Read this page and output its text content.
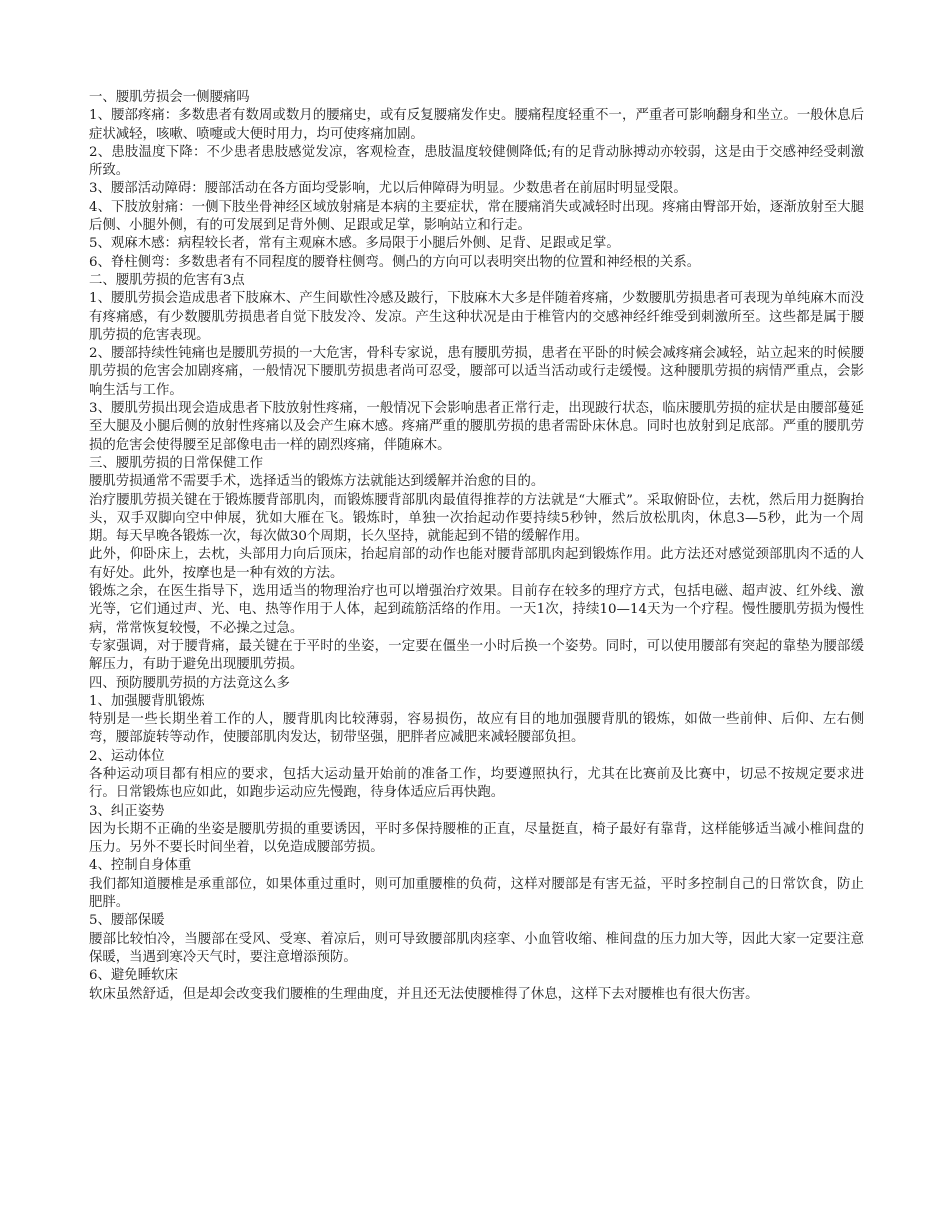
一、腰肌劳损会一侧腰痛吗

1、腰部疼痛：多数患者有数周或数月的腰痛史，或有反复腰痛发作史。腰痛程度轻重不一，严重者可影响翻身和坐立。一般休息后症状减轻，咳嗽、喷嚏或大便时用力，均可使疼痛加剧。

2、患肢温度下降：不少患者患肢感觉发凉，客观检查，患肢温度较健侧降低;有的足背动脉搏动亦较弱，这是由于交感神经受刺激所致。

3、腰部活动障碍：腰部活动在各方面均受影响，尤以后伸障碍为明显。少数患者在前屈时明显受限。

4、下肢放射痛：一侧下肢坐骨神经区域放射痛是本病的主要症状，常在腰痛消失或减轻时出现。疼痛由臀部开始，逐渐放射至大腿后侧、小腿外侧，有的可发展到足背外侧、足跟或足掌，影响站立和行走。

5、观麻木感：病程较长者，常有主观麻木感。多局限于小腿后外侧、足背、足跟或足掌。

6、脊柱侧弯：多数患者有不同程度的腰脊柱侧弯。侧凸的方向可以表明突出物的位置和神经根的关系。

二、腰肌劳损的危害有3点

1、腰肌劳损会造成患者下肢麻木、产生间歇性冷感及跛行，下肢麻木大多是伴随着疼痛，少数腰肌劳损患者可表现为单纯麻木而没有疼痛感，有少数腰肌劳损患者自觉下肢发冷、发凉。产生这种状况是由于椎管内的交感神经纤维受到刺激所至。这些都是属于腰肌劳损的危害表现。

2、腰部持续性钝痛也是腰肌劳损的一大危害，骨科专家说，患有腰肌劳损，患者在平卧的时候会减疼痛会减轻，站立起来的时候腰肌劳损的危害会加剧疼痛，一般情况下腰肌劳损患者尚可忍受，腰部可以适当活动或行走缓慢。这种腰肌劳损的病情严重点，会影响生活与工作。

3、腰肌劳损出现会造成患者下肢放射性疼痛，一般情况下会影响患者正常行走，出现跛行状态，临床腰肌劳损的症状是由腰部蔓延至大腿及小腿后侧的放射性疼痛以及会产生麻木感。疼痛严重的腰肌劳损的患者需卧床休息。同时也放射到足底部。严重的腰肌劳损的危害会使得腰至足部像电击一样的剧烈疼痛，伴随麻木。

三、腰肌劳损的日常保健工作

腰肌劳损通常不需要手术，选择适当的锻炼方法就能达到缓解并治愈的目的。

治疗腰肌劳损关键在于锻炼腰背部肌肉，而锻炼腰背部肌肉最值得推荐的方法就是“大雁式”。采取俯卧位，去枕，然后用力挺胸抬头，双手双脚向空中伸展，犹如大雁在飞。锻炼时，单独一次抬起动作要持续5秒钟，然后放松肌肉，休息3—5秒，此为一个周期。每天早晚各锻炼一次，每次做30个周期，长久坚持，就能起到不错的缓解作用。

此外，仰卧床上，去枕，头部用力向后顶床，抬起肩部的动作也能对腰背部肌肉起到锻炼作用。此方法还对感觉颈部肌肉不适的人有好处。此外，按摩也是一种有效的方法。

锻炼之余，在医生指导下，选用适当的物理治疗也可以增强治疗效果。目前存在较多的理疗方式，包括电磁、超声波、红外线、激光等，它们通过声、光、电、热等作用于人体，起到疏筋活络的作用。一天1次，持续10—14天为一个疗程。慢性腰肌劳损为慢性病，常常恢复较慢，不必操之过急。

专家强调，对于腰背痛，最关键在于平时的坐姿，一定要在僵坐一小时后换一个姿势。同时，可以使用腰部有突起的靠垫为腰部缓解压力，有助于避免出现腰肌劳损。

四、预防腰肌劳损的方法竟这么多

1、加强腰背肌锻炼

特别是一些长期坐着工作的人，腰背肌肉比较薄弱，容易损伤，故应有目的地加强腰背肌的锻炼，如做一些前伸、后仰、左右侧弯，腰部旋转等动作，使腰部肌肉发达，韧带坚强，肥胖者应减肥来减轻腰部负担。

2、运动体位

各种运动项目都有相应的要求，包括大运动量开始前的准备工作，均要遵照执行，尤其在比赛前及比赛中，切忌不按规定要求进行。日常锻炼也应如此，如跑步运动应先慢跑，待身体适应后再快跑。

3、纠正姿势

因为长期不正确的坐姿是腰肌劳损的重要诱因，平时多保持腰椎的正直，尽量挺直，椅子最好有靠背，这样能够适当减小椎间盘的压力。另外不要长时间坐着，以免造成腰部劳损。

4、控制自身体重

我们都知道腰椎是承重部位，如果体重过重时，则可加重腰椎的负荷，这样对腰部是有害无益，平时多控制自己的日常饮食，防止肥胖。

5、腰部保暖

腰部比较怕冷，当腰部在受风、受寒、着凉后，则可导致腰部肌肉痉挛、小血管收缩、椎间盘的压力加大等，因此大家一定要注意保暖，当遇到寒冷天气时，要注意增添预防。

6、避免睡软床

软床虽然舒适，但是却会改变我们腰椎的生理曲度，并且还无法使腰椎得了休息，这样下去对腰椎也有很大伤害。
